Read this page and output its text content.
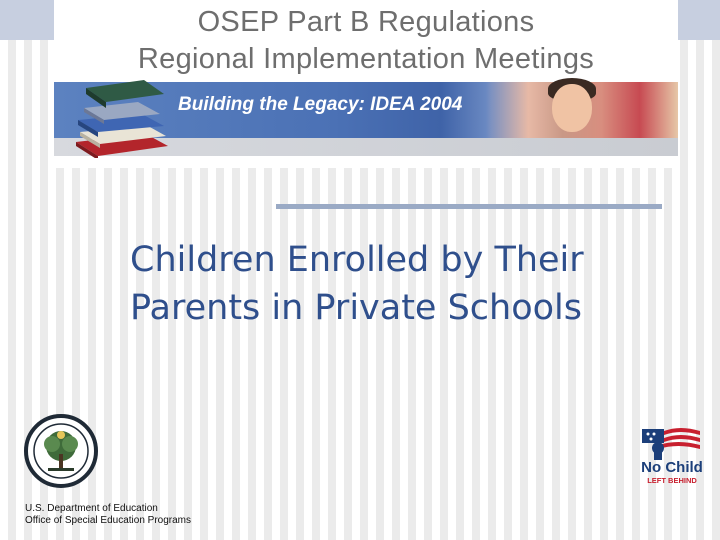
OSEP Part B Regulations
Regional Implementation Meetings
Building the Legacy: IDEA 2004
Children Enrolled by Their
Parents in Private Schools
No Child
LEFT BEHIND
U.S. Department of Education
Office of Special Education Programs
